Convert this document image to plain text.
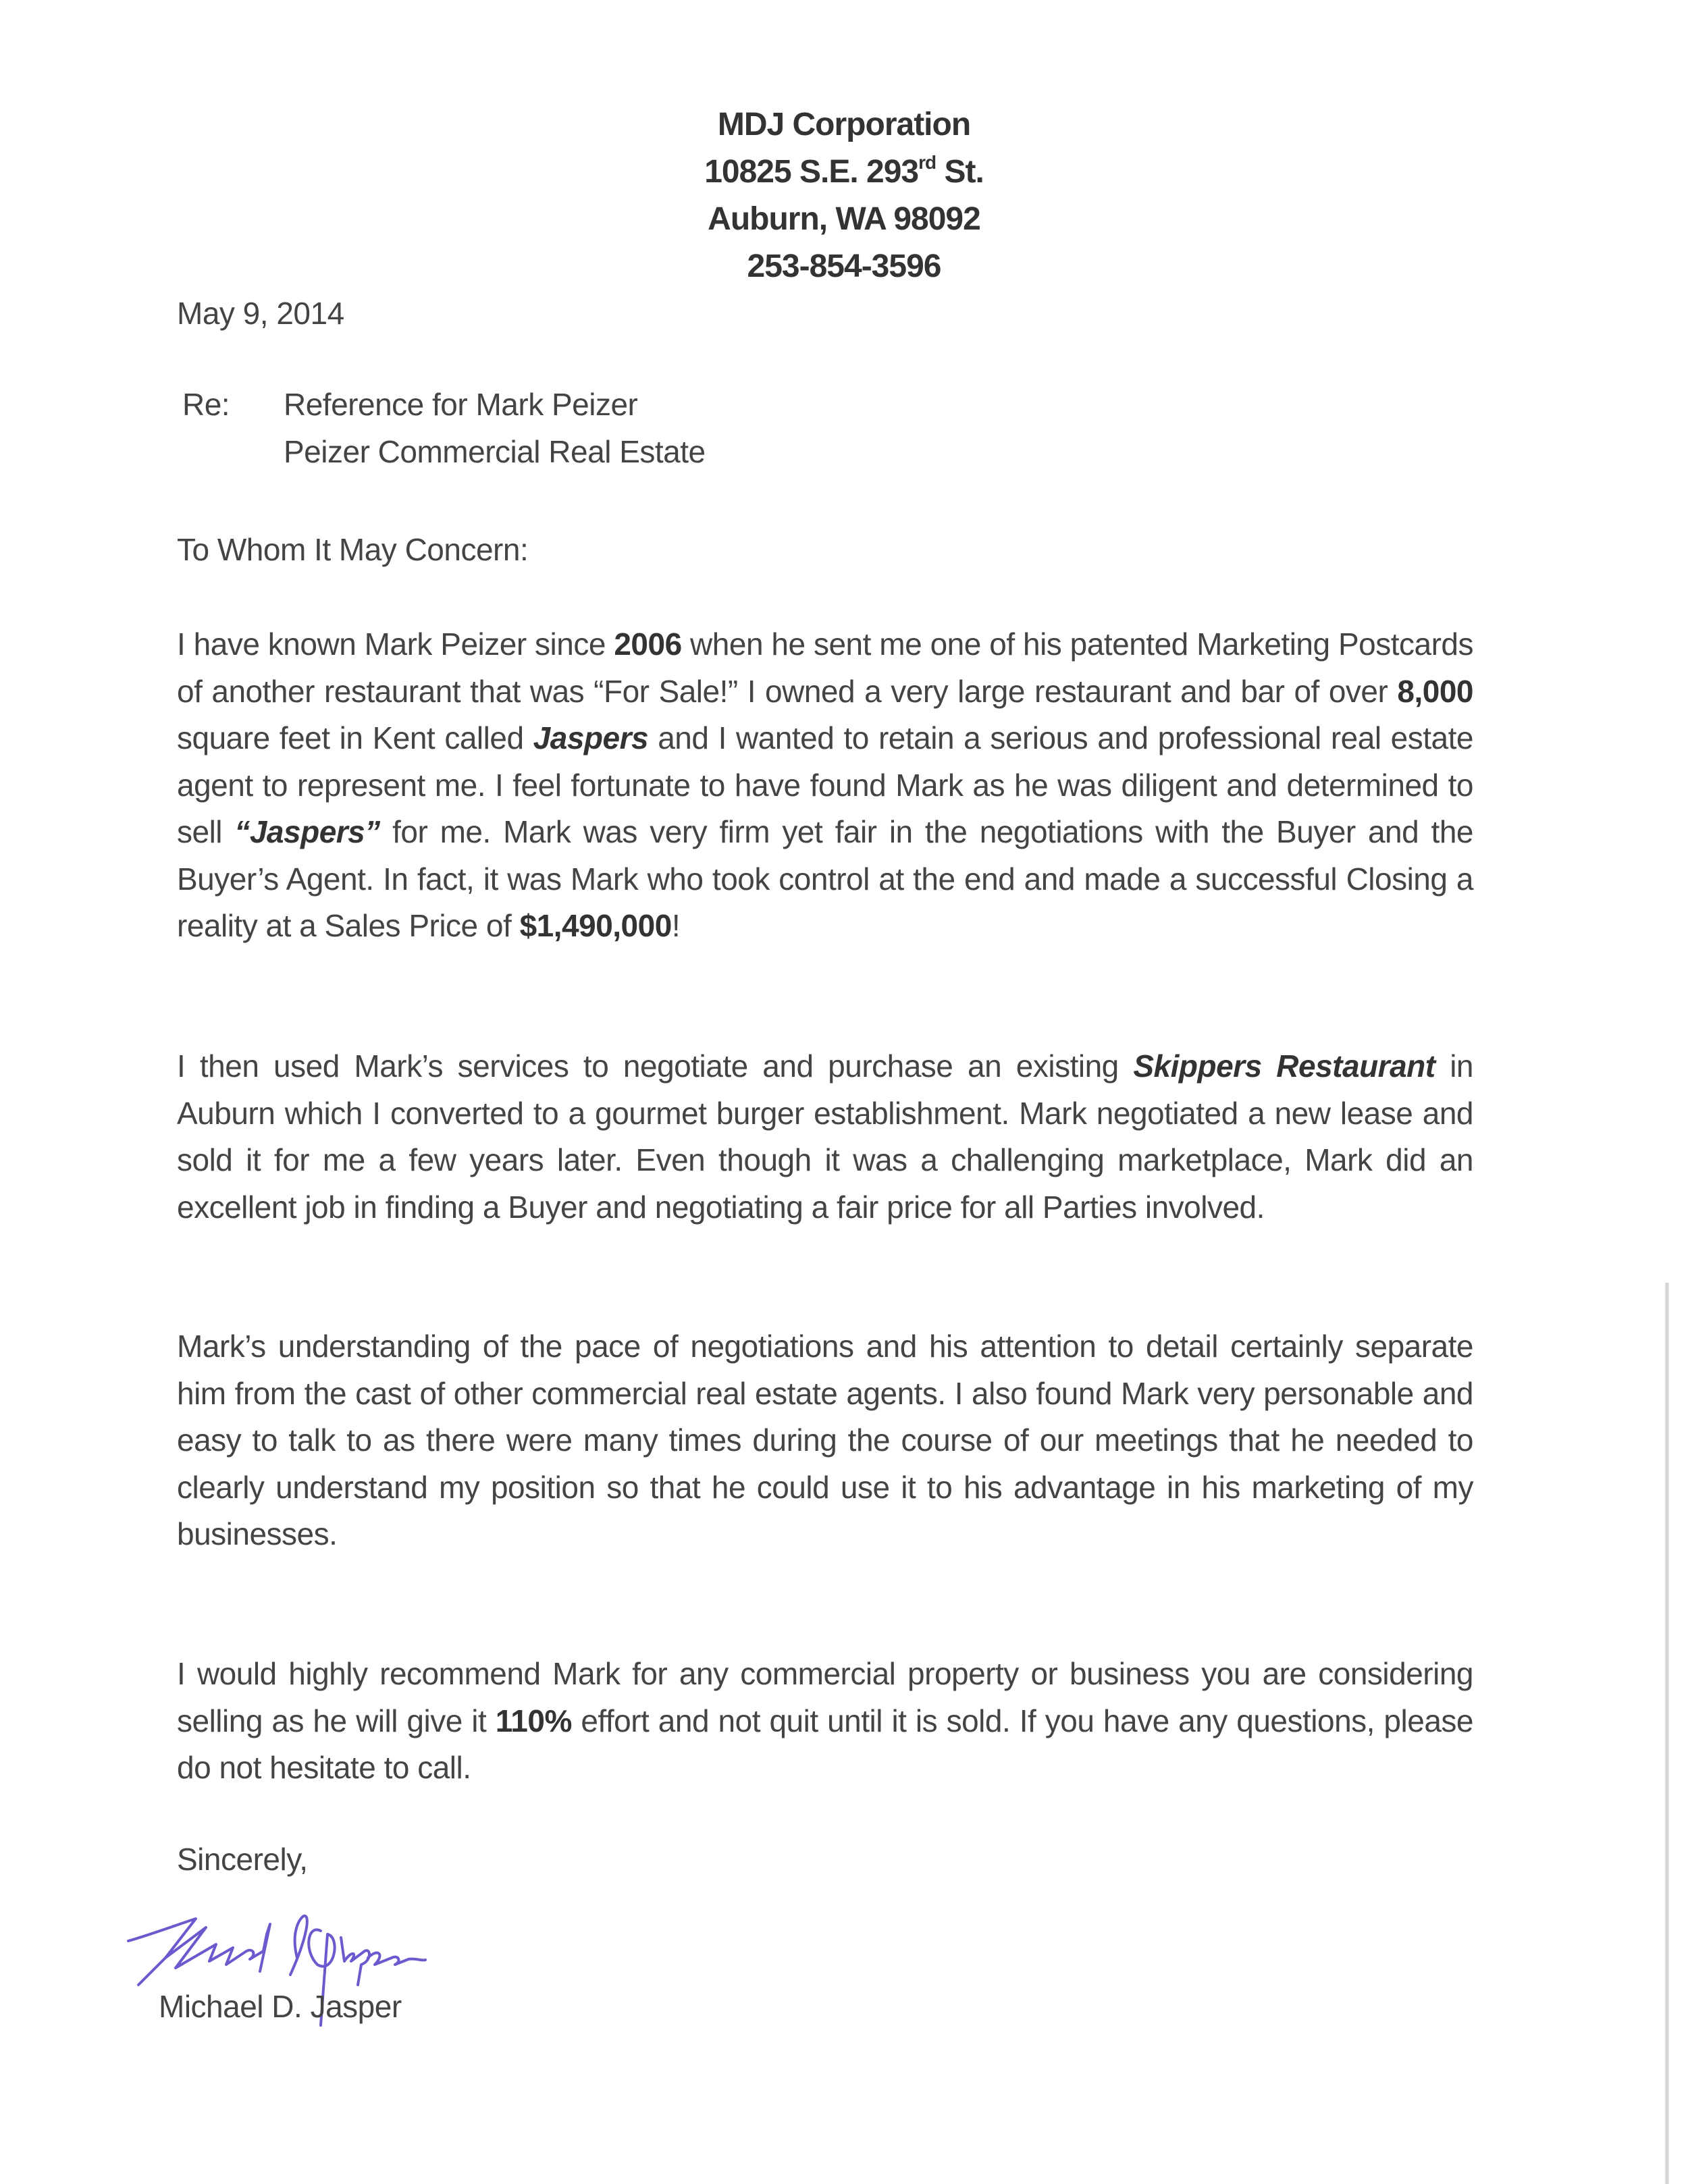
MDJ Corporation
10825 S.E. 293rd St.
Auburn, WA 98092
253-854-3596
May 9, 2014
Re: Reference for Mark Peizer
Peizer Commercial Real Estate
To Whom It May Concern:
I have known Mark Peizer since 2006 when he sent me one of his patented Marketing Postcards of another restaurant that was “For Sale!” I owned a very large restaurant and bar of over 8,000 square feet in Kent called Jaspers and I wanted to retain a serious and professional real estate agent to represent me. I feel fortunate to have found Mark as he was diligent and determined to sell “Jaspers” for me. Mark was very firm yet fair in the negotiations with the Buyer and the Buyer’s Agent. In fact, it was Mark who took control at the end and made a successful Closing a reality at a Sales Price of $1,490,000!
I then used Mark’s services to negotiate and purchase an existing Skippers Restaurant in Auburn which I converted to a gourmet burger establishment. Mark negotiated a new lease and sold it for me a few years later. Even though it was a challenging marketplace, Mark did an excellent job in finding a Buyer and negotiating a fair price for all Parties involved.
Mark’s understanding of the pace of negotiations and his attention to detail certainly separate him from the cast of other commercial real estate agents. I also found Mark very personable and easy to talk to as there were many times during the course of our meetings that he needed to clearly understand my position so that he could use it to his advantage in his marketing of my businesses.
I would highly recommend Mark for any commercial property or business you are considering selling as he will give it 110% effort and not quit until it is sold. If you have any questions, please do not hesitate to call.
Sincerely,
Michael D. Jasper
